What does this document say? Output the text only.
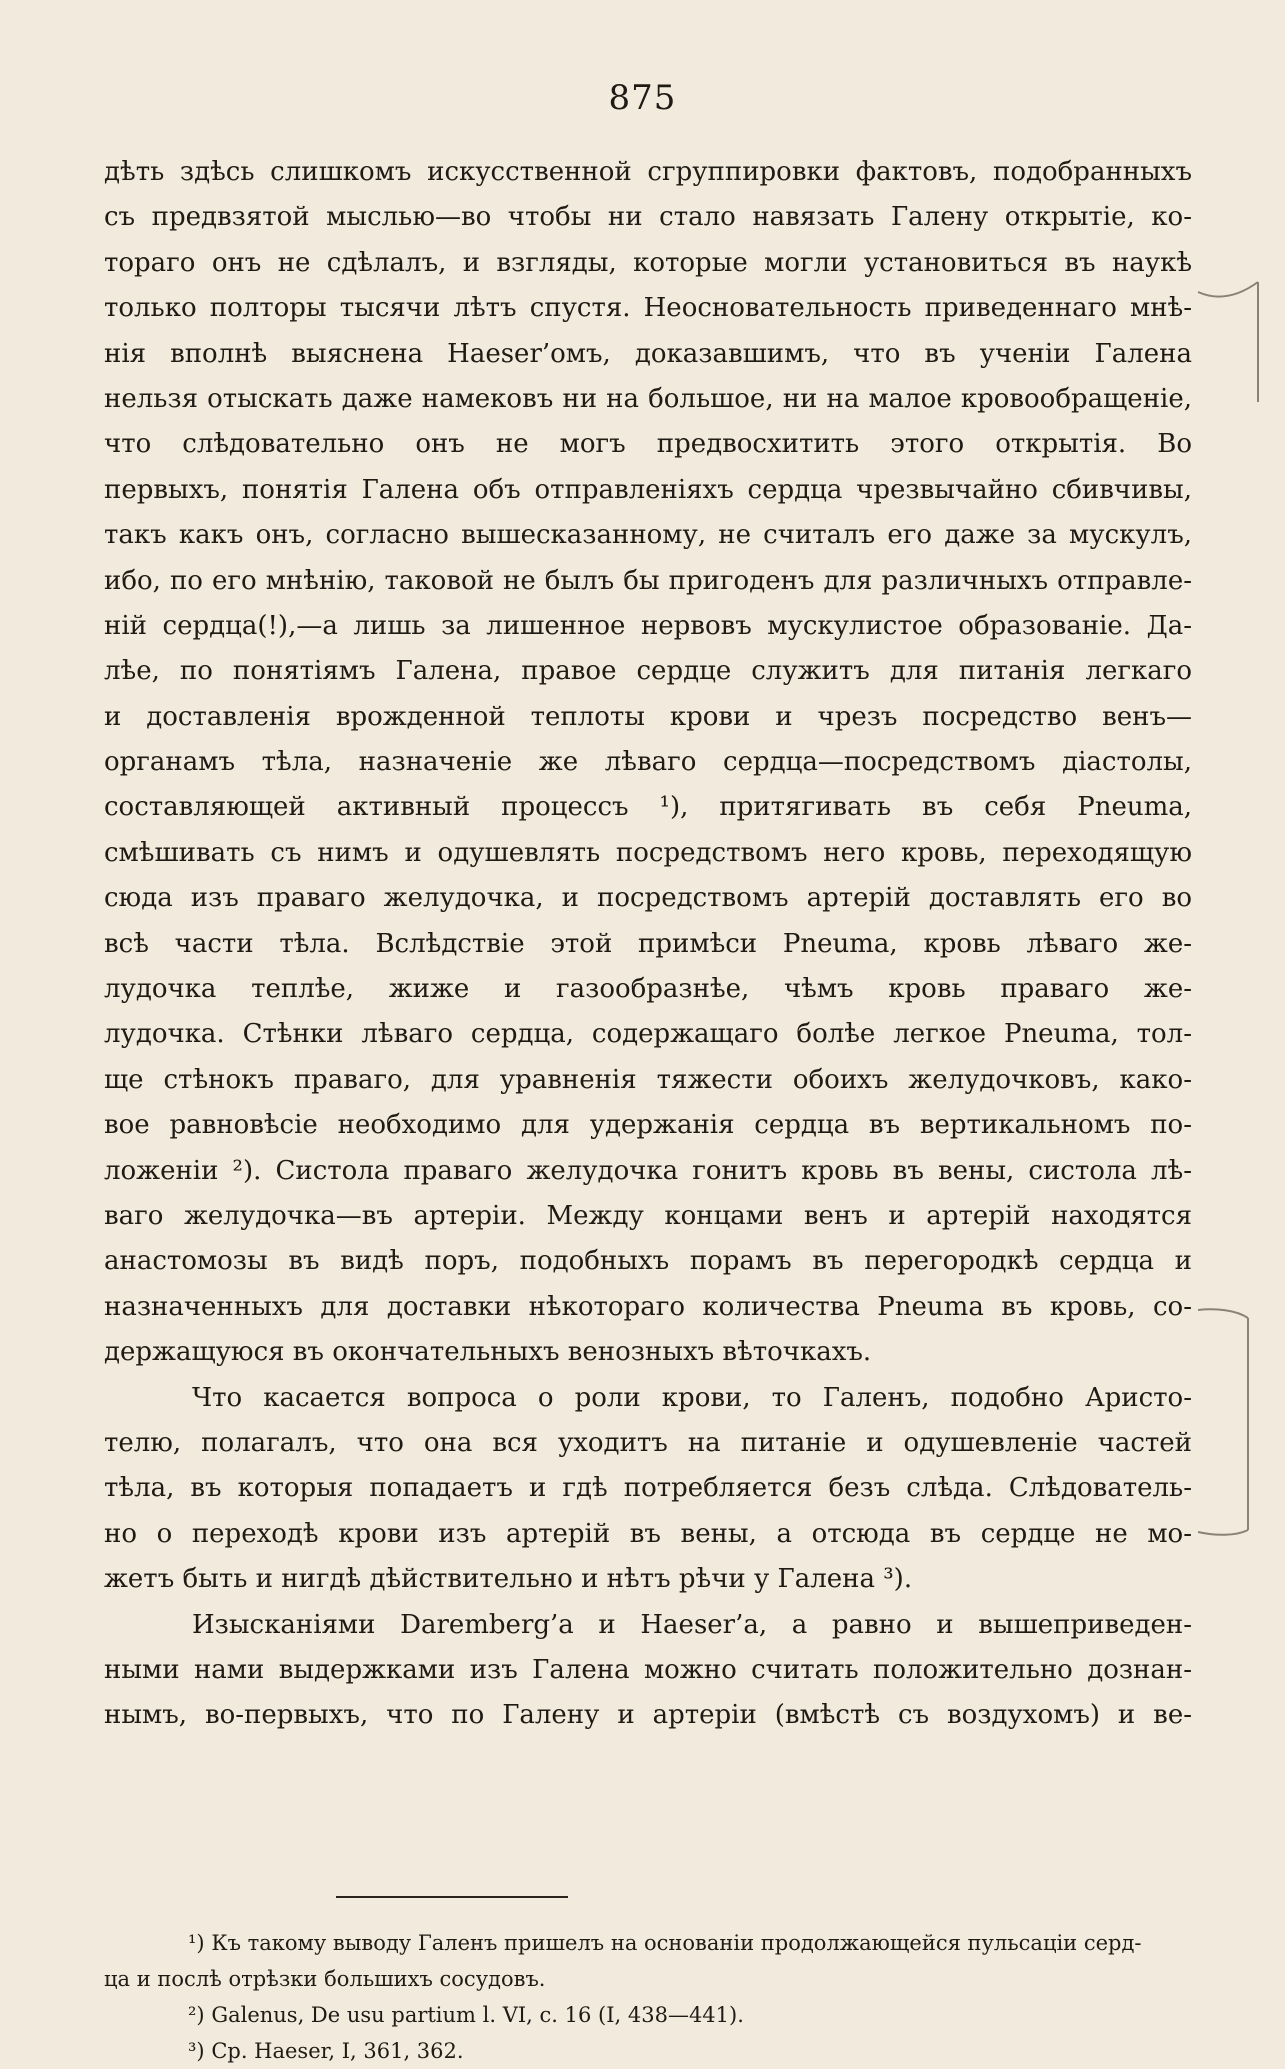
875
дѣть здѣсь слишкомъ искусственной сгруппировки фактовъ, подобранныхъ
съ предвзятой мыслью—во чтобы ни стало навязать Галену открытіе, ко-
тораго онъ не сдѣлалъ, и взгляды, которые могли установиться въ наукѣ
только полторы тысячи лѣтъ спустя. Неосновательность приведеннаго мнѣ-
нія вполнѣ выяснена Haeser’омъ, доказавшимъ, что въ ученіи Галена
нельзя отыскать даже намековъ ни на большое, ни на малое кровообращеніе,
что слѣдовательно онъ не могъ предвосхитить этого открытія. Во
первыхъ, понятія Галена объ отправленіяхъ сердца чрезвычайно сбивчивы,
такъ какъ онъ, согласно вышесказанному, не считалъ его даже за мускулъ,
ибо, по его мнѣнію, таковой не былъ бы пригоденъ для различныхъ отправле-
ній сердца(!),—а лишь за лишенное нервовъ мускулистое образованіе. Да-
лѣе, по понятіямъ Галена, правое сердце служитъ для питанія легкаго
и доставленія врожденной теплоты крови и чрезъ посредство венъ—
органамъ тѣла, назначеніе же лѣваго сердца—посредствомъ діастолы,
составляющей активный процессъ ¹), притягивать въ себя Pneuma,
смѣшивать съ нимъ и одушевлять посредствомъ него кровь, переходящую
сюда изъ праваго желудочка, и посредствомъ артерій доставлять его во
всѣ части тѣла. Вслѣдствіе этой примѣси Pneuma, кровь лѣваго же-
лудочка теплѣе, жиже и газообразнѣе, чѣмъ кровь праваго же-
лудочка. Стѣнки лѣваго сердца, содержащаго болѣе легкое Pneuma, тол-
ще стѣнокъ праваго, для уравненія тяжести обоихъ желудочковъ, како-
вое равновѣсіе необходимо для удержанія сердца въ вертикальномъ по-
ложеніи ²). Систола праваго желудочка гонитъ кровь въ вены, систола лѣ-
ваго желудочка—въ артеріи. Между концами венъ и артерій находятся
анастомозы въ видѣ поръ, подобныхъ порамъ въ перегородкѣ сердца и
назначенныхъ для доставки нѣкотораго количества Pneuma въ кровь, со-
держащуюся въ окончательныхъ венозныхъ вѣточкахъ.
Что касается вопроса о роли крови, то Галенъ, подобно Аристо-
телю, полагалъ, что она вся уходитъ на питаніе и одушевленіе частей
тѣла, въ которыя попадаетъ и гдѣ потребляется безъ слѣда. Слѣдователь-
но о переходѣ крови изъ артерій въ вены, а отсюда въ сердце не мо-
жетъ быть и нигдѣ дѣйствительно и нѣтъ рѣчи у Галена ³).
Изысканіями Daremberg’a и Haeser’a, а равно и вышеприведен-
ными нами выдержками изъ Галена можно считать положительно дознан-
нымъ, во-первыхъ, что по Галену и артеріи (вмѣстѣ съ воздухомъ) и ве-
¹) Къ такому выводу Галенъ пришелъ на основаніи продолжающейся пульсаціи серд-
ца и послѣ отрѣзки большихъ сосудовъ.
²) Galenus, De usu partium l. VI, c. 16 (I, 438—441).
³) Cp. Haeser, I, 361, 362.
